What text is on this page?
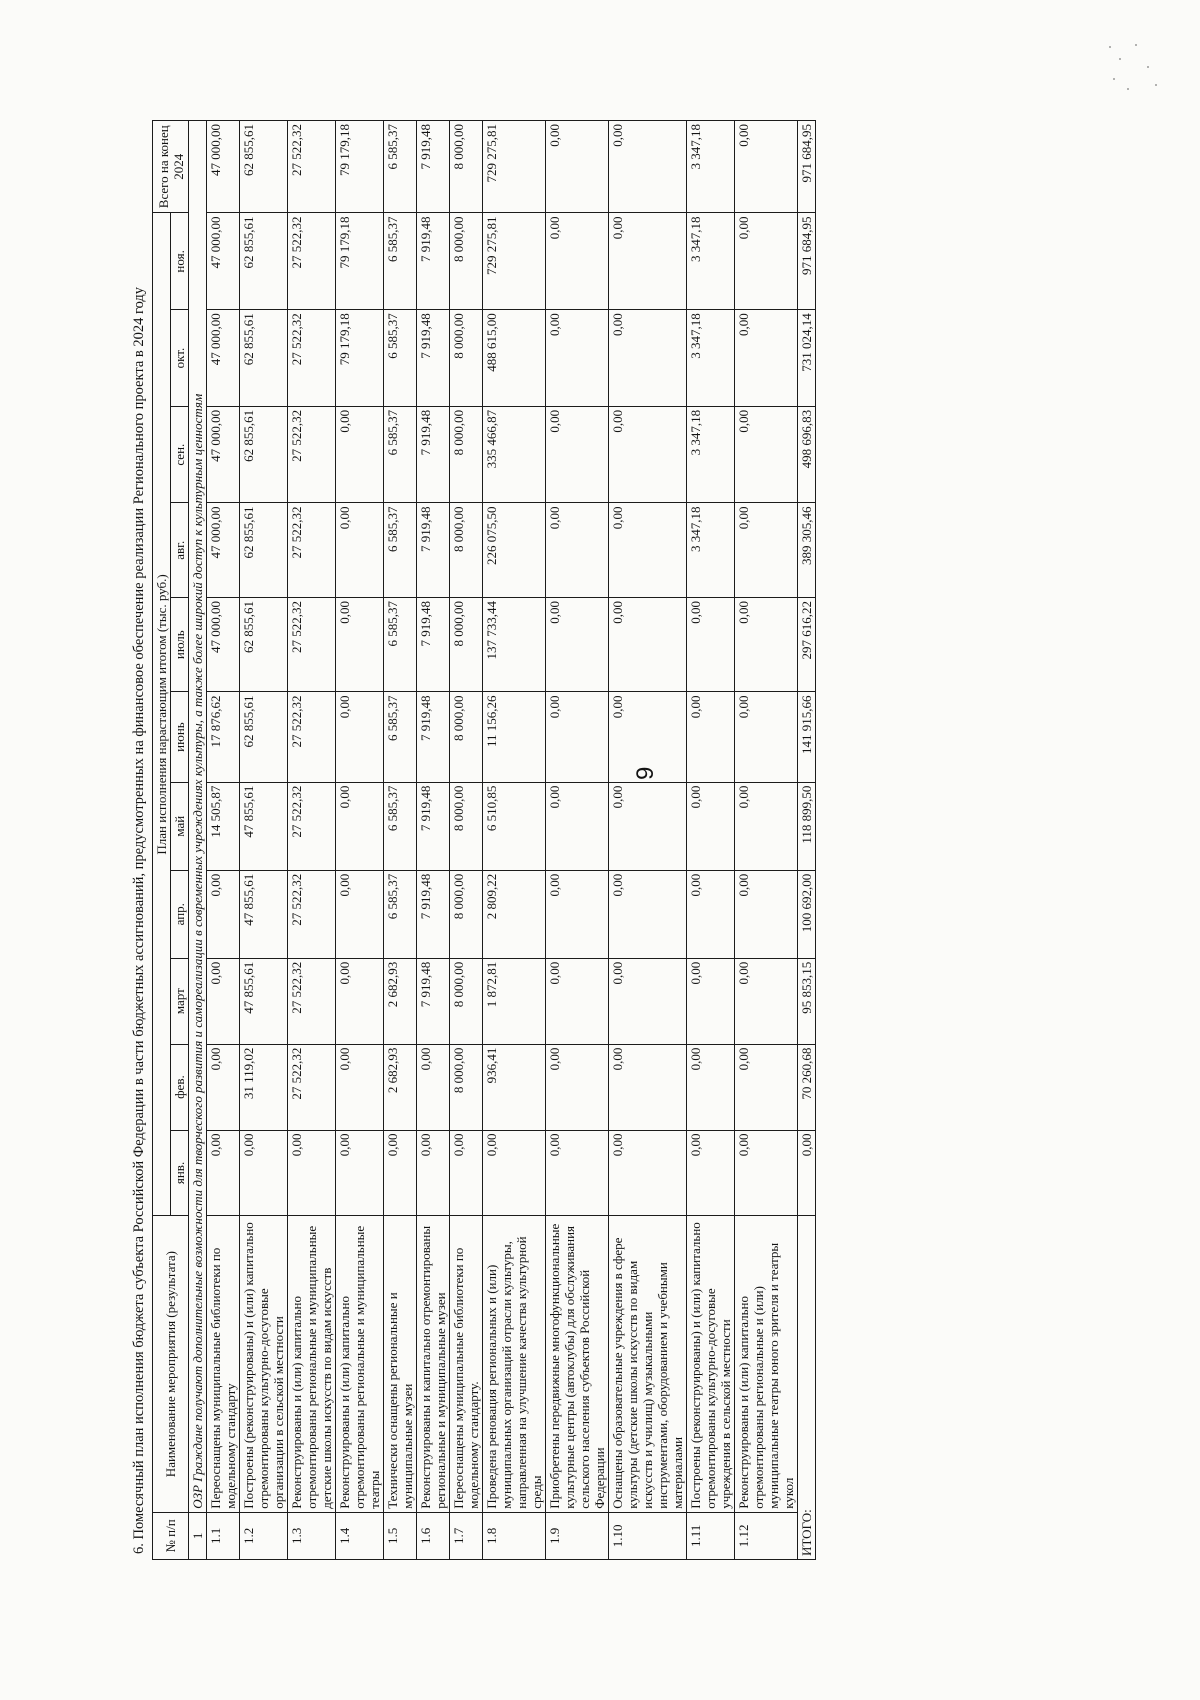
6. Помесячный план исполнения бюджета субъекта Российской Федерации в части бюджетных ассигнований, предусмотренных на финансовое обеспечение реализации Регионального проекта в 2024 году	№ п/п	Наименование мероприятия (результата)	План исполнения нарастающим итогом (тыс. руб.)											Всего на конец 2024
		янв.	фев.	март	апр.	май	июнь	июль	авг.	сен.	окт.	ноя.	
1	ОЗР Граждане получают дополнительные возможности для творческого развития и самореализации в современных учреждениях культуры, а также более широкий доступ к культурным ценностям												
1.1	Переоснащены муниципальные библиотеки по модельному стандарту	0,00	0,00	0,00	0,00	14 505,87	17 876,62	47 000,00	47 000,00	47 000,00	47 000,00	47 000,00	47 000,00
1.2	Построены (реконструированы) и (или) капитально отремонтированы культурно-досуговые организации в сельской местности	0,00	31 119,02	47 855,61	47 855,61	47 855,61	62 855,61	62 855,61	62 855,61	62 855,61	62 855,61	62 855,61	62 855,61
1.3	Реконструированы и (или) капитально отремонтированы региональные и муниципальные детские школы искусств по видам искусств	0,00	27 522,32	27 522,32	27 522,32	27 522,32	27 522,32	27 522,32	27 522,32	27 522,32	27 522,32	27 522,32	27 522,32
1.4	Реконструированы и (или) капитально отремонтированы региональные и муниципальные театры	0,00	0,00	0,00	0,00	0,00	0,00	0,00	0,00	0,00	79 179,18	79 179,18	79 179,18
1.5	Технически оснащены региональные и муниципальные музеи	0,00	2 682,93	2 682,93	6 585,37	6 585,37	6 585,37	6 585,37	6 585,37	6 585,37	6 585,37	6 585,37	6 585,37
1.6	Реконструированы и капитально отремонтированы региональные и муниципальные музеи	0,00	0,00	7 919,48	7 919,48	7 919,48	7 919,48	7 919,48	7 919,48	7 919,48	7 919,48	7 919,48	7 919,48
1.7	Переоснащены муниципальные библиотеки по модельному стандарту.	0,00	8 000,00	8 000,00	8 000,00	8 000,00	8 000,00	8 000,00	8 000,00	8 000,00	8 000,00	8 000,00	8 000,00
1.8	Проведена реновация региональных и (или) муниципальных организаций отрасли культуры, направленная на улучшение качества культурной среды	0,00	936,41	1 872,81	2 809,22	6 510,85	11 156,26	137 733,44	226 075,50	335 466,87	488 615,00	729 275,81	729 275,81
1.9	Приобретены передвижные многофункциональные культурные центры (автоклубы) для обслуживания сельского населения субъектов Российской Федерации	0,00	0,00	0,00	0,00	0,00	0,00	0,00	0,00	0,00	0,00	0,00	0,00
1.10	Оснащены образовательные учреждения в сфере культуры (детские школы искусств по видам искусств и училищ) музыкальными инструментами, оборудованием и учебными материалами	0,00	0,00	0,00	0,00	0,00	0,00	0,00	0,00	0,00	0,00	0,00	0,00
1.11	Построены (реконструированы) и (или) капитально отремонтированы культурно-досуговые учреждения в сельской местности	0,00	0,00	0,00	0,00	0,00	0,00	0,00	3 347,18	3 347,18	3 347,18	3 347,18	3 347,18
1.12	Реконструированы и (или) капитально отремонтированы региональные и (или) муниципальные театры юного зрителя и театры кукол	0,00	0,00	0,00	0,00	0,00	0,00	0,00	0,00	0,00	0,00	0,00	0,00
ИТОГО:		0,00	70 260,68	95 853,15	100 692,00	118 899,50	141 915,66	297 616,22	389 305,46	498 696,83	731 024,14	971 684,95	971 684,95
9
